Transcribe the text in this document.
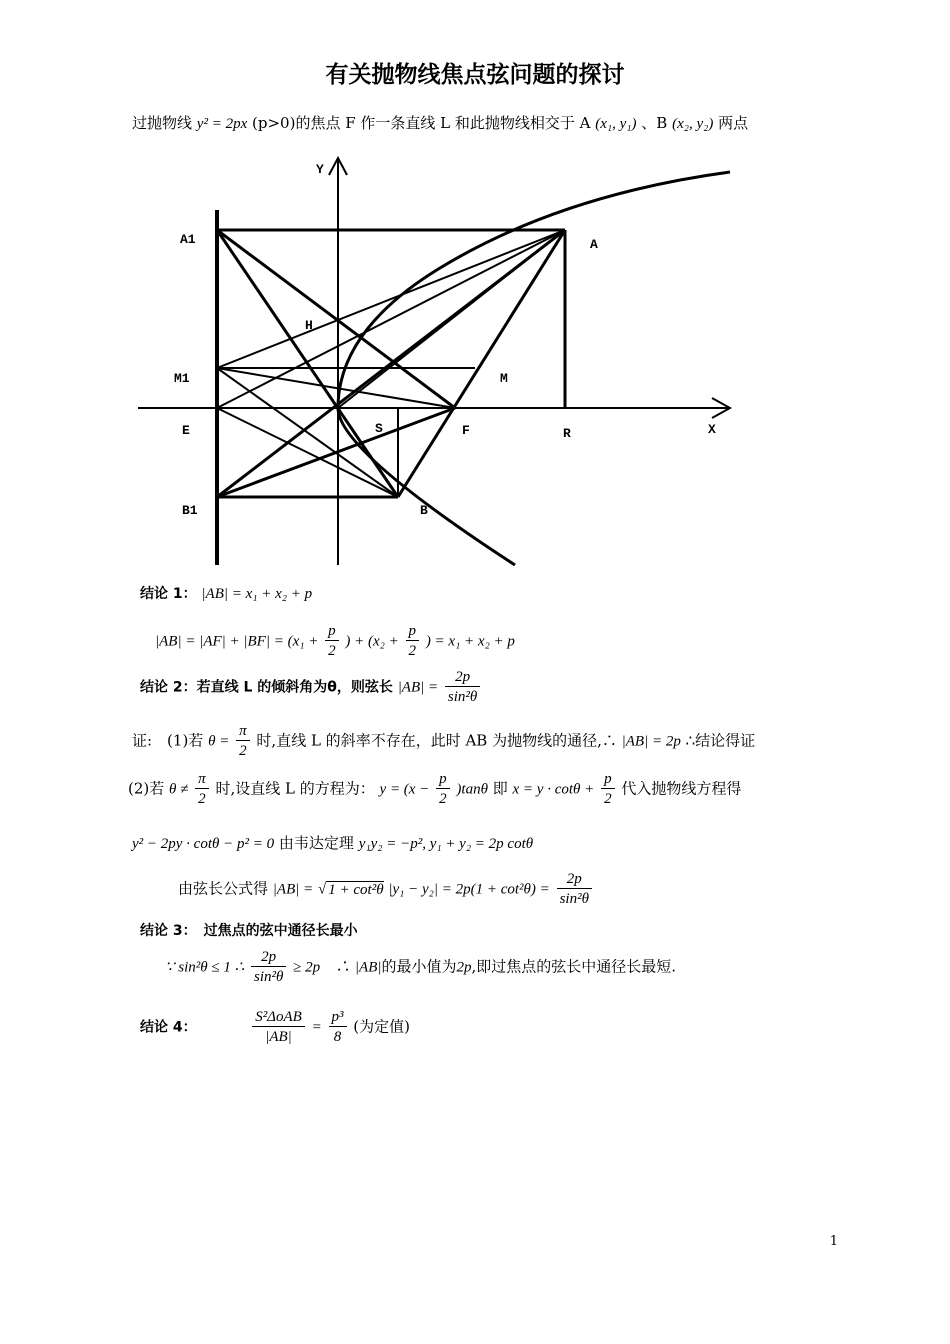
有关抛物线焦点弦问题的探讨
过抛物线 y² = 2px (p>0)的焦点 F 作一条直线 L 和此抛物线相交于 A (x₁, y₁) 、B (x₂, y₂) 两点
Y
X
A1	A
H
M1	M
E	S	F	R
B1	B
结论 1： |AB| = x₁ + x₂ + p
$|AB| = |AF| + |BF| = (x_1 + \frac{p}{2}$ ) + ($x_2 + \frac{p}{2}$ ) = x₁ + x₂ + p
结论 2：若直线 L 的倾斜角为θ，则弦长 $|AB| = \frac{2p}{\text{sin²θ}}$
证:　(1)若 $\theta = \frac{\pi}{2}$ 时,直线 L 的斜率不存在，此时 AB 为抛物线的通径,∴ |AB| = 2p ∴结论得证
(2)若 $\theta \ne \frac{\pi}{2}$ 时,设直线 L 的方程为： $y = (x - \frac{p}{2} )\tan\theta$ 即 $x = y \cdot \cot\theta + \frac{p}{2}$ 代入抛物线方程得
y² − 2py · cotθ − p² = 0 由韦达定理 y₁y₂ = −p², y₁ + y₂ = 2p cotθ
由弦长公式得 |AB| = √ 1 + cot²θ $|y_1 - y_2| = 2p(1 + \cot^2\theta) = \frac{2p}{\text{sin²θ}}$
结论 3：　过焦点的弦中通径长最小
∵ sin²θ ≤ 1 ∴ $\frac{2p}{\text{sin²θ}} \ge 2p$　∴ |AB|的最小值为2p,即过焦点的弦长中通径长最短.
结论 4：	$\frac{\text{S²ΔoAB}}{|AB|} = \frac{\text{p³}}{8}$ (为定值)
1
